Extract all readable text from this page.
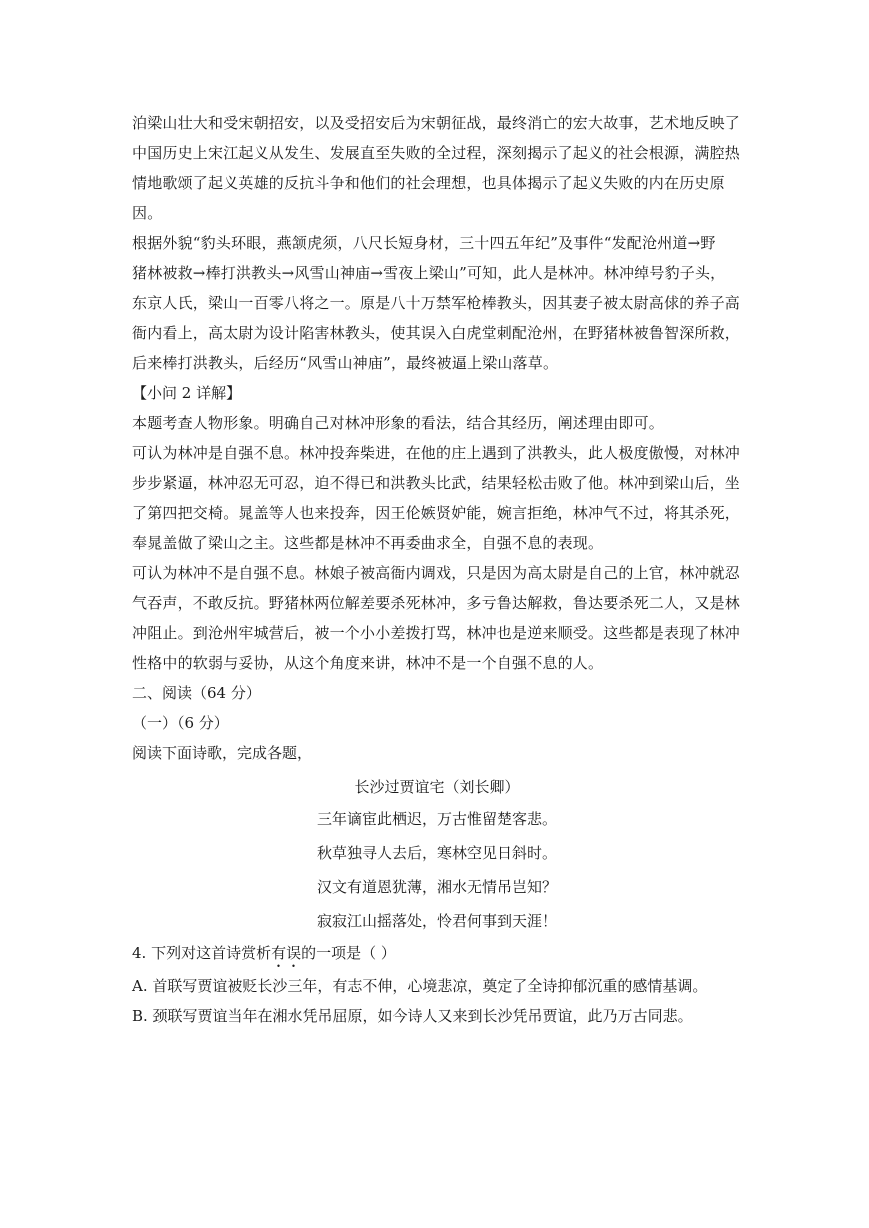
泊梁山壮大和受宋朝招安，以及受招安后为宋朝征战，最终消亡的宏大故事，艺术地反映了
中国历史上宋江起义从发生、发展直至失败的全过程，深刻揭示了起义的社会根源，满腔热
情地歌颂了起义英雄的反抗斗争和他们的社会理想，也具体揭示了起义失败的内在历史原
因。

根据外貌“豹头环眼，燕颔虎须，八尺长短身材，三十四五年纪”及事件“发配沧州道→野
猪林被救→棒打洪教头→风雪山神庙→雪夜上梁山”可知，此人是林冲。林冲绰号豹子头，
东京人氏，梁山一百零八将之一。原是八十万禁军枪棒教头，因其妻子被太尉高俅的养子高
衙内看上，高太尉为设计陷害林教头，使其误入白虎堂刺配沧州，在野猪林被鲁智深所救，
后来棒打洪教头，后经历“风雪山神庙”，最终被逼上梁山落草。

【小问 2 详解】

本题考查人物形象。明确自己对林冲形象的看法，结合其经历，阐述理由即可。

可认为林冲是自强不息。林冲投奔柴进，在他的庄上遇到了洪教头，此人极度傲慢，对林冲
步步紧逼，林冲忍无可忍，迫不得已和洪教头比武，结果轻松击败了他。林冲到梁山后，坐
了第四把交椅。晁盖等人也来投奔，因王伦嫉贤妒能，婉言拒绝，林冲气不过，将其杀死，
奉晁盖做了梁山之主。这些都是林冲不再委曲求全，自强不息的表现。

可认为林冲不是自强不息。林娘子被高衙内调戏，只是因为高太尉是自己的上官，林冲就忍
气吞声，不敢反抗。野猪林两位解差要杀死林冲，多亏鲁达解救，鲁达要杀死二人，又是林
冲阻止。到沧州牢城营后，被一个小小差拨打骂，林冲也是逆来顺受。这些都是表现了林冲
性格中的软弱与妥协，从这个角度来讲，林冲不是一个自强不息的人。

二、阅读（64 分）

（一）（6 分）

阅读下面诗歌，完成各题，

长沙过贾谊宅（刘长卿）
三年谪宦此栖迟，万古惟留楚客悲。
秋草独寻人去后，寒林空见日斜时。
汉文有道恩犹薄，湘水无情吊岂知？
寂寂江山摇落处，怜君何事到天涯！

4. 下列对这首诗赏析有误的一项是（ ）

A. 首联写贾谊被贬长沙三年，有志不伸，心境悲凉，奠定了全诗抑郁沉重的感情基调。

B. 颈联写贾谊当年在湘水凭吊屈原，如今诗人又来到长沙凭吊贾谊，此乃万古同悲。
